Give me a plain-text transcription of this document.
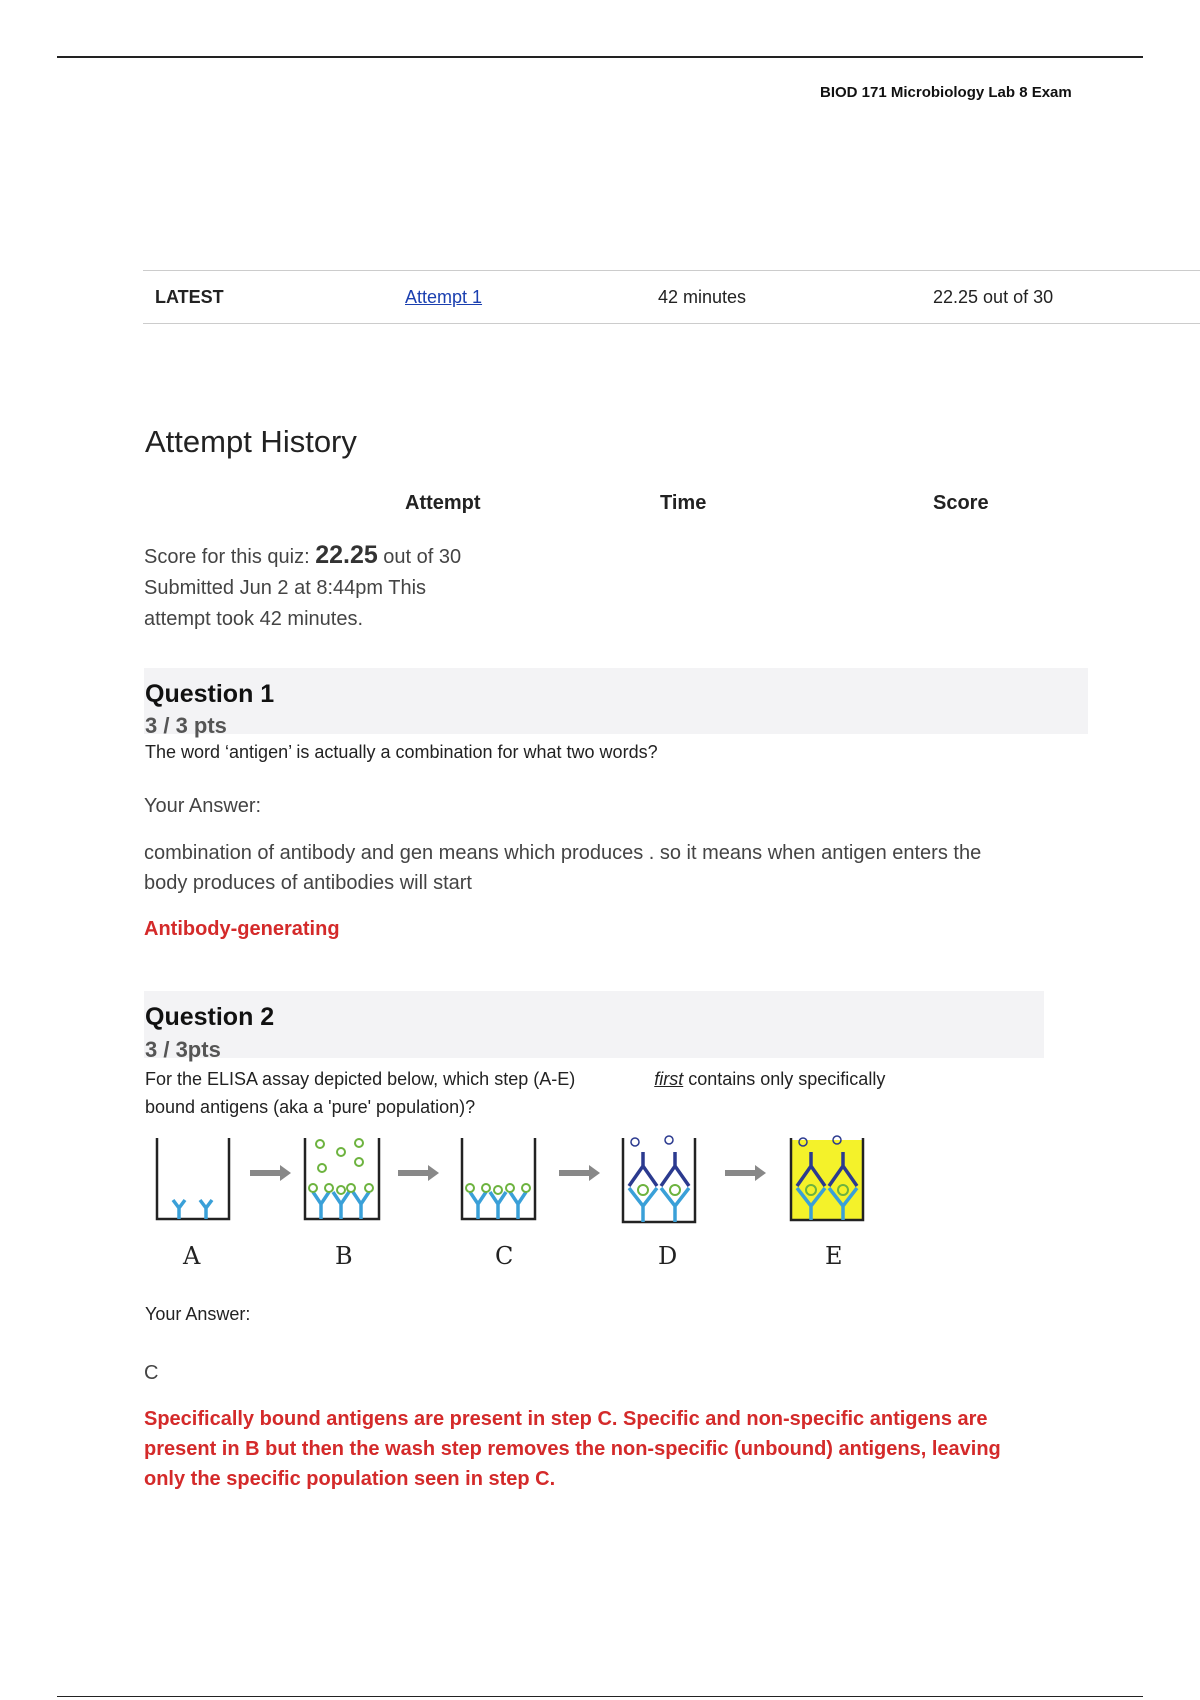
BIOD 171 Microbiology Lab 8 Exam
LATEST	Attempt 1	42 minutes	22.25 out of 30
Attempt History
Attempt	Time	Score
Score for this quiz: 22.25 out of 30
Submitted Jun 2 at 8:44pm This
attempt took 42 minutes.
Question 1
3 / 3 pts
The word ‘antigen’ is actually a combination for what two words?
Your Answer:
combination of antibody and gen means which produces . so it means when antigen enters the
body produces of antibodies will start
Antibody-generating
Question 2
3 / 3pts
For the ELISA assay depicted below, which step (A-E)	first contains only specifically
bound antigens (aka a 'pure' population)?
A	B	C	D	E
Your Answer:
C
Specifically bound antigens are present in step C. Specific and non-specific antigens are
present in B but then the wash step removes the non-specific (unbound) antigens, leaving
only the specific population seen in step C.
